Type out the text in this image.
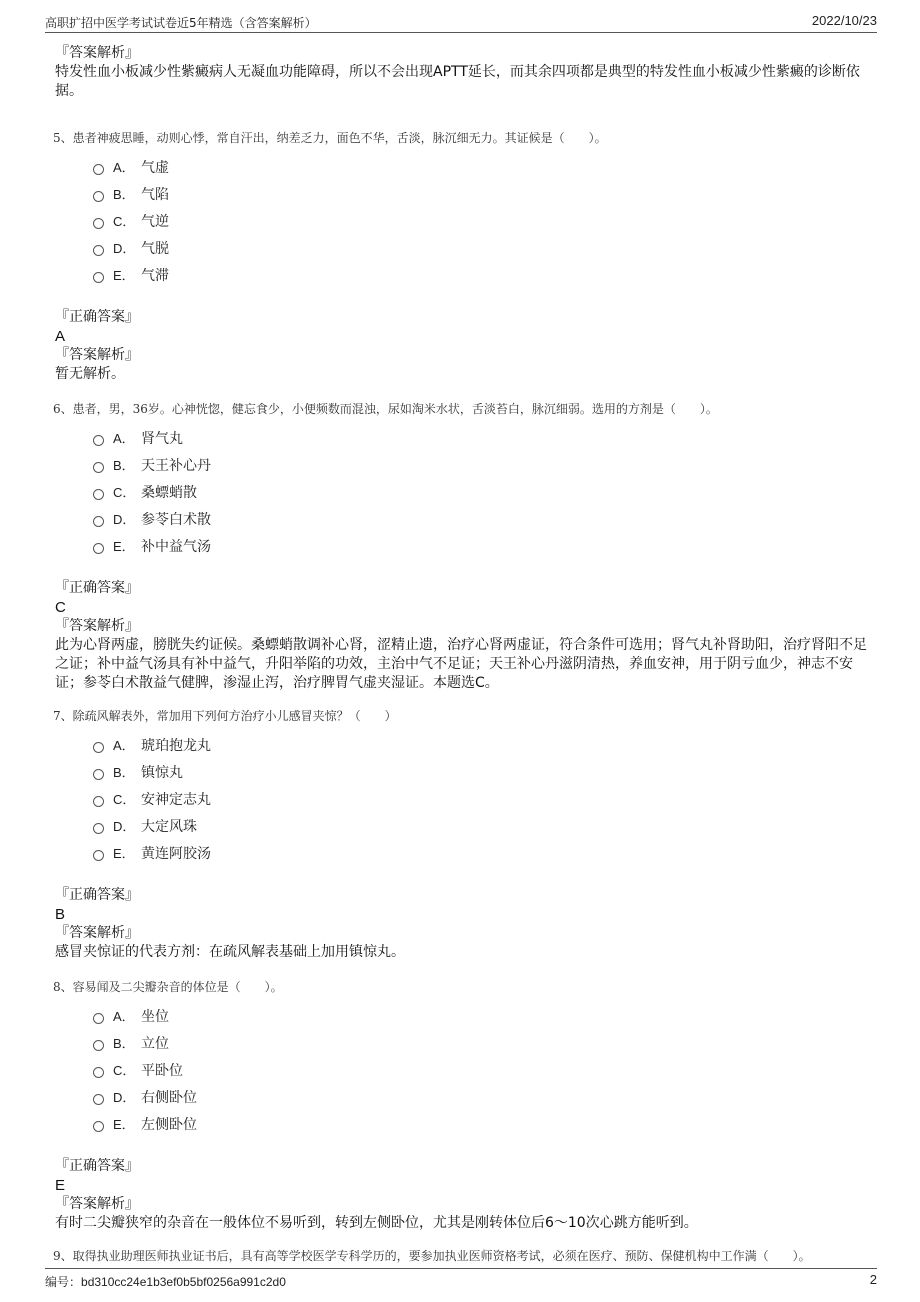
高职扩招中医学考试试卷近5年精选（含答案解析）	2022/10/23
『答案解析』
特发性血小板减少性紫癜病人无凝血功能障碍，所以不会出现APTT延长，而其余四项都是典型的特发性血小板减少性紫癜的诊断依据。
5、患者神疲思睡，动则心悸，常自汗出，纳差乏力，面色不华，舌淡，脉沉细无力。其证候是（　　）。
A． 气虚
B． 气陷
C． 气逆
D． 气脱
E． 气滞
『正确答案』
A
『答案解析』
暂无解析。
6、患者，男，36岁。心神恍惚，健忘食少，小便频数而混浊，尿如淘米水状，舌淡苔白，脉沉细弱。选用的方剂是（　　）。
A． 肾气丸
B． 天王补心丹
C． 桑螵蛸散
D． 参苓白术散
E． 补中益气汤
『正确答案』
C
『答案解析』
此为心肾两虚，膀胱失约证候。桑螵蛸散调补心肾，涩精止遗，治疗心肾两虚证，符合条件可选用；肾气丸补肾助阳，治疗肾阳不足之证；补中益气汤具有补中益气，升阳举陷的功效，主治中气不足证；天王补心丹滋阴清热，养血安神，用于阴亏血少，神志不安证；参苓白术散益气健脾，渗湿止泻，治疗脾胃气虚夹湿证。本题选C。
7、除疏风解表外，常加用下列何方治疗小儿感冒夹惊？（　　）
A． 琥珀抱龙丸
B． 镇惊丸
C． 安神定志丸
D． 大定风珠
E． 黄连阿胶汤
『正确答案』
B
『答案解析』
感冒夹惊证的代表方剂：在疏风解表基础上加用镇惊丸。
8、容易闻及二尖瓣杂音的体位是（　　）。
A． 坐位
B． 立位
C． 平卧位
D． 右侧卧位
E． 左侧卧位
『正确答案』
E
『答案解析』
有时二尖瓣狭窄的杂音在一般体位不易听到，转到左侧卧位，尤其是刚转体位后6～10次心跳方能听到。
9、取得执业助理医师执业证书后，具有高等学校医学专科学历的，要参加执业医师资格考试，必须在医疗、预防、保健机构中工作满（　　）。
编号：bd310cc24e1b3ef0b5bf0256a991c2d0	2
